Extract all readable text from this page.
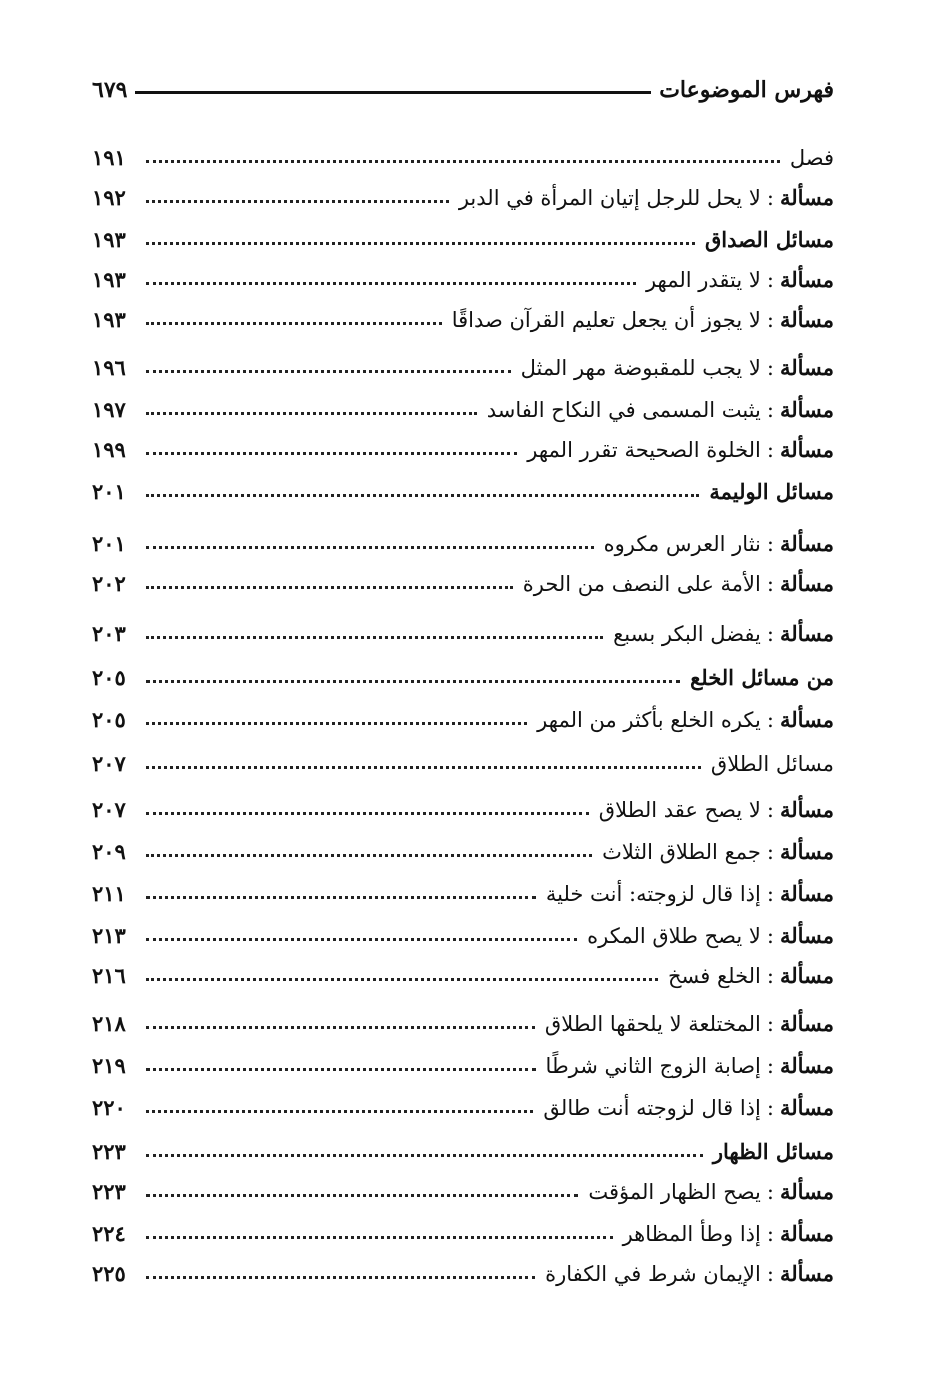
فهرس الموضوعات
٦٧٩
فصل
١٩١
مسألة
:
لا يحل للرجل إتيان المرأة في الدبر
١٩٢
مسائل الصداق
١٩٣
مسألة
:
لا يتقدر المهر
١٩٣
مسألة
:
لا يجوز أن يجعل تعليم القرآن صداقًا
١٩٣
مسألة
:
لا يجب للمقبوضة مهر المثل
١٩٦
مسألة
:
يثبت المسمى في النكاح الفاسد
١٩٧
مسألة
:
الخلوة الصحيحة تقرر المهر
١٩٩
مسائل الوليمة
٢٠١
مسألة
:
نثار العرس مكروه
٢٠١
مسألة
:
الأمة على النصف من الحرة
٢٠٢
مسألة
:
يفضل البكر بسبع
٢٠٣
من مسائل الخلع
٢٠٥
مسألة
:
يكره الخلع بأكثر من المهر
٢٠٥
مسائل الطلاق
٢٠٧
مسألة
:
لا يصح عقد الطلاق
٢٠٧
مسألة
:
جمع الطلاق الثلاث
٢٠٩
مسألة
:
إذا قال لزوجته: أنت خلية
٢١١
مسألة
:
لا يصح طلاق المكره
٢١٣
مسألة
:
الخلع فسخ
٢١٦
مسألة
:
المختلعة لا يلحقها الطلاق
٢١٨
مسألة
:
إصابة الزوج الثاني شرطًا
٢١٩
مسألة
:
إذا قال لزوجته أنت طالق
٢٢٠
مسائل الظهار
٢٢٣
مسألة
:
يصح الظهار المؤقت
٢٢٣
مسألة
:
إذا وطأ المظاهر
٢٢٤
مسألة
:
الإيمان شرط في الكفارة
٢٢٥
